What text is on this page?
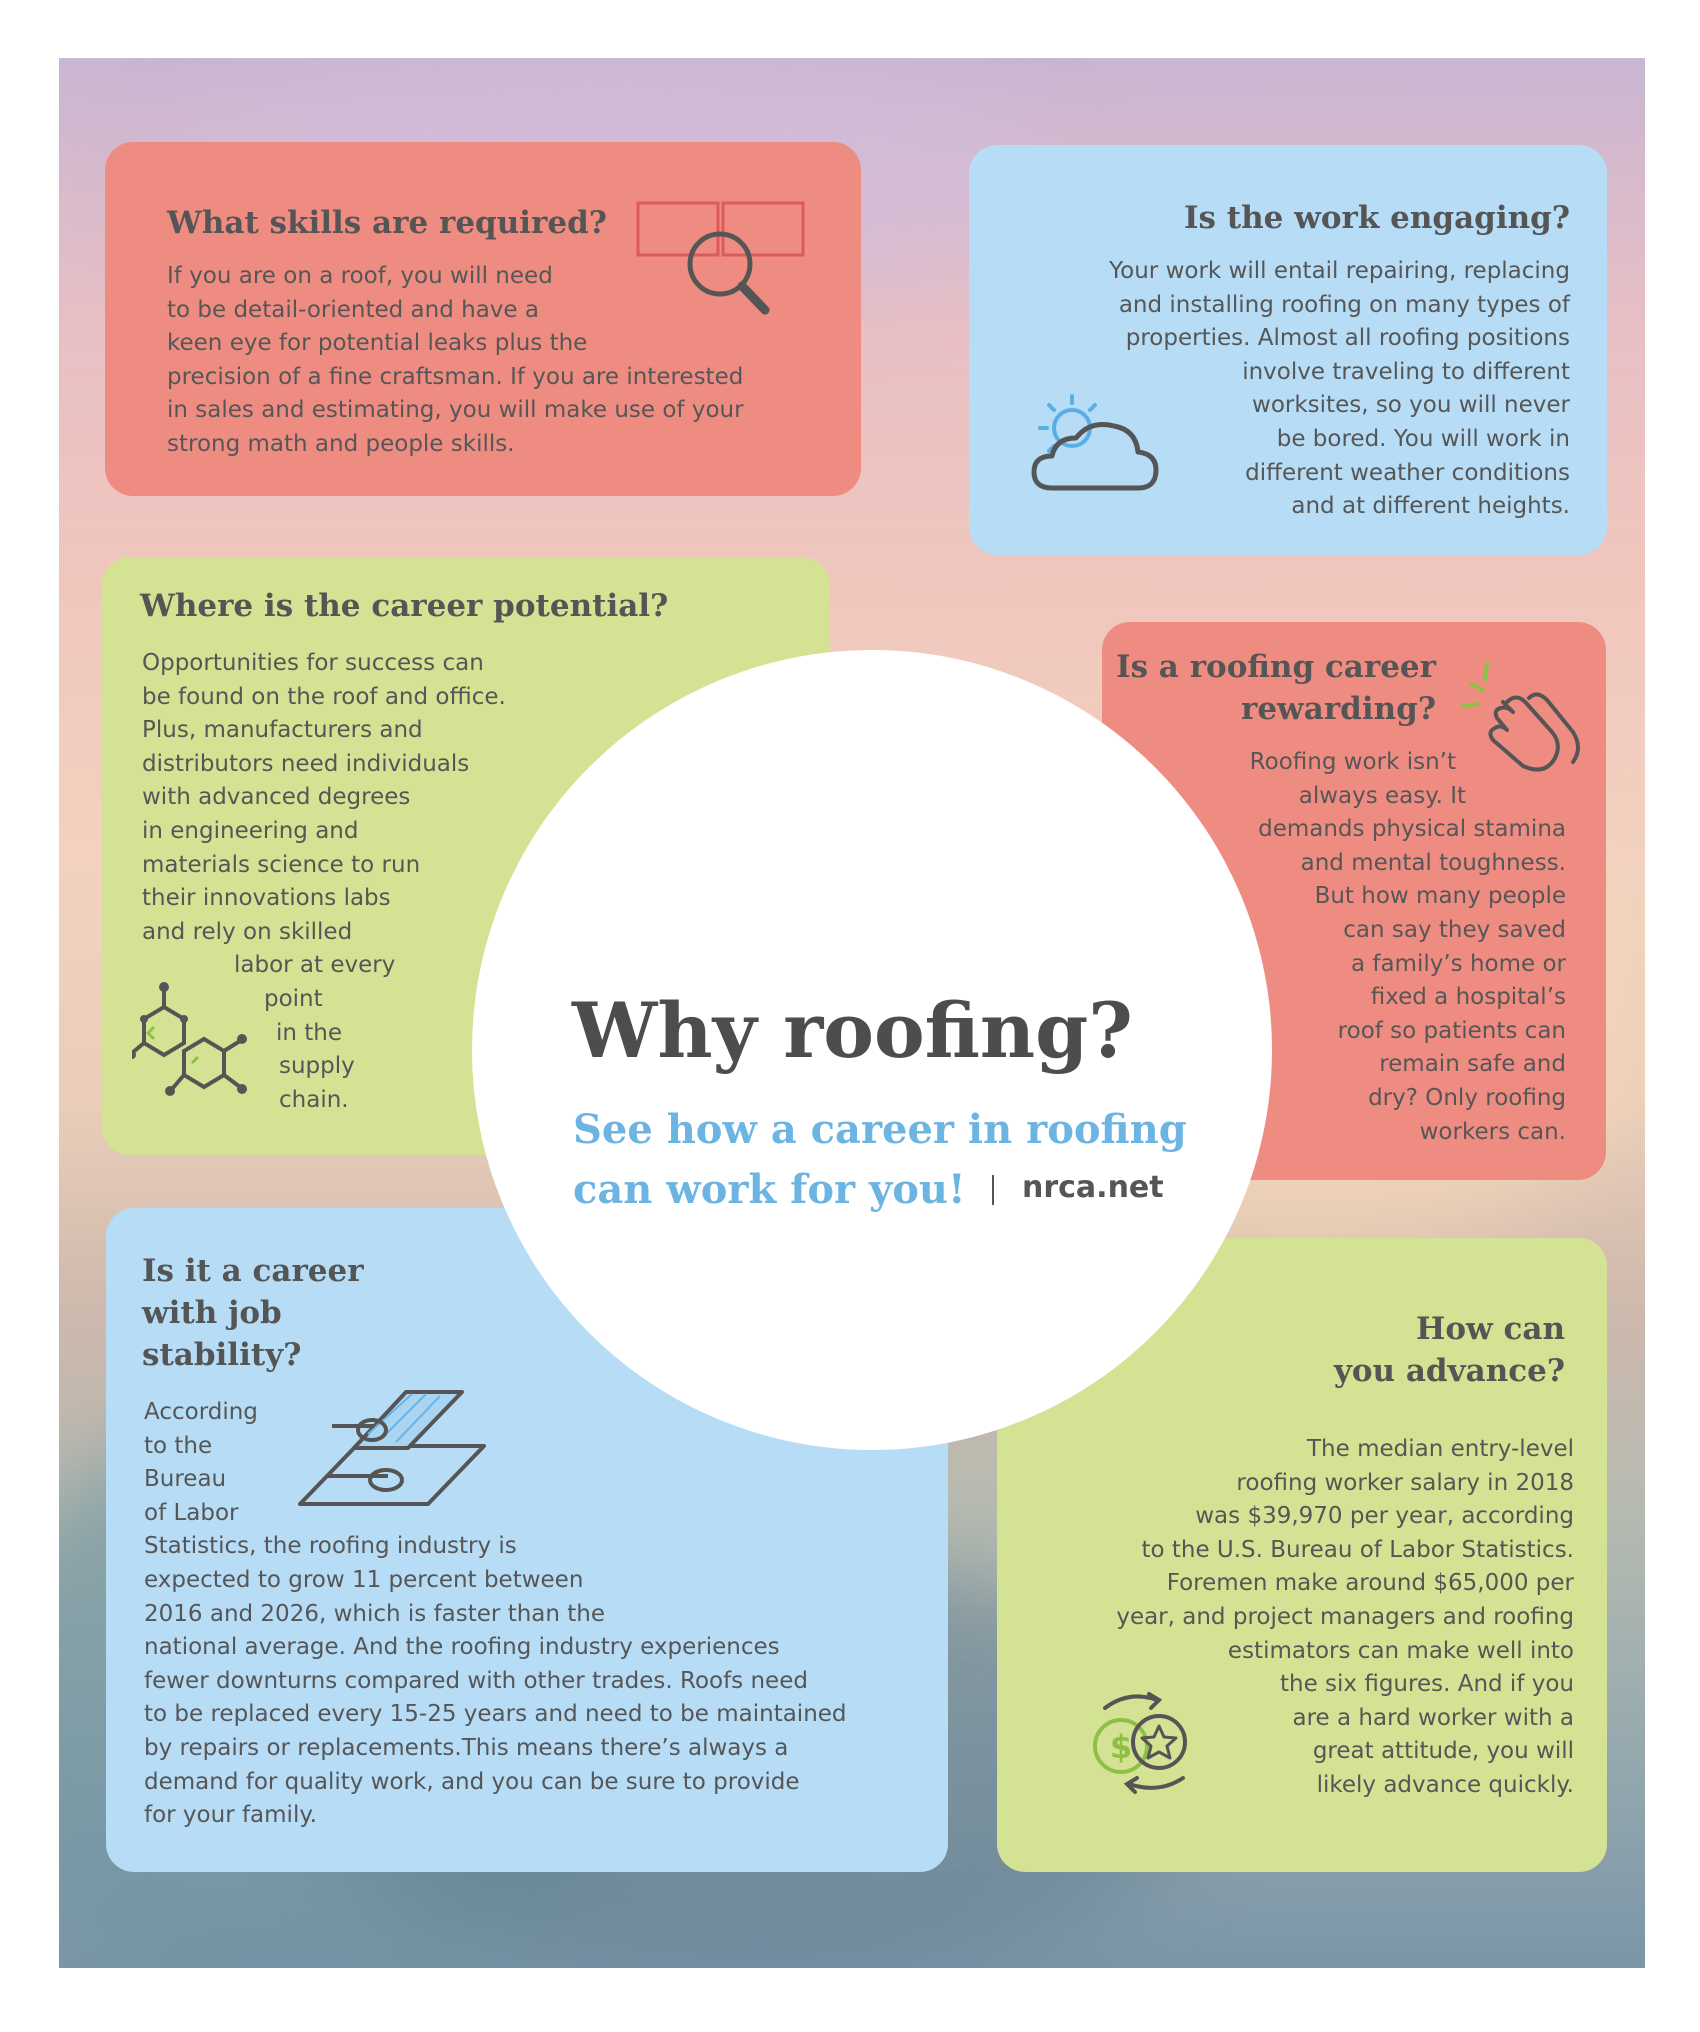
What skills are required?
If you are on a roof, you will need
to be detail-oriented and have a
keen eye for potential leaks plus the
precision of a fine craftsman. If you are interested
in sales and estimating, you will make use of your
strong math and people skills.
Is the work engaging?
Your work will entail repairing, replacing
and installing roofing on many types of
properties. Almost all roofing positions
involve traveling to different
worksites, so you will never
be bored. You will work in
different weather conditions
and at different heights.
Where is the career potential?
Opportunities for success can
be found on the roof and office.
Plus, manufacturers and
distributors need individuals
with advanced degrees
in engineering and
materials science to run
their innovations labs
and rely on skilled
labor at every
point
in the
supply
chain.
Is a roofing career
rewarding?
Roofing work isn’t
always easy. It
demands physical stamina
and mental toughness.
But how many people
can say they saved
a family’s home or
fixed a hospital’s
roof so patients can
remain safe and
dry? Only roofing
workers can.
Is it a career
with job
stability?
According
to the
Bureau
of Labor
Statistics, the roofing industry is
expected to grow 11 percent between
2016 and 2026, which is faster than the
national average. And the roofing industry experiences
fewer downturns compared with other trades. Roofs need
to be replaced every 15-25 years and need to be maintained
by repairs or replacements.This means there’s always a
demand for quality work, and you can be sure to provide
for your family.
How can
you advance?
The median entry-level
roofing worker salary in 2018
was $39,970 per year, according
to the U.S. Bureau of Labor Statistics.
Foremen make around $65,000 per
year, and project managers and roofing
estimators can make well into
the six figures. And if you
are a hard worker with a
great attitude, you will
likely advance quickly.
$
Why roofing?
See how a career in roofing
can work for you!	nrca.net
